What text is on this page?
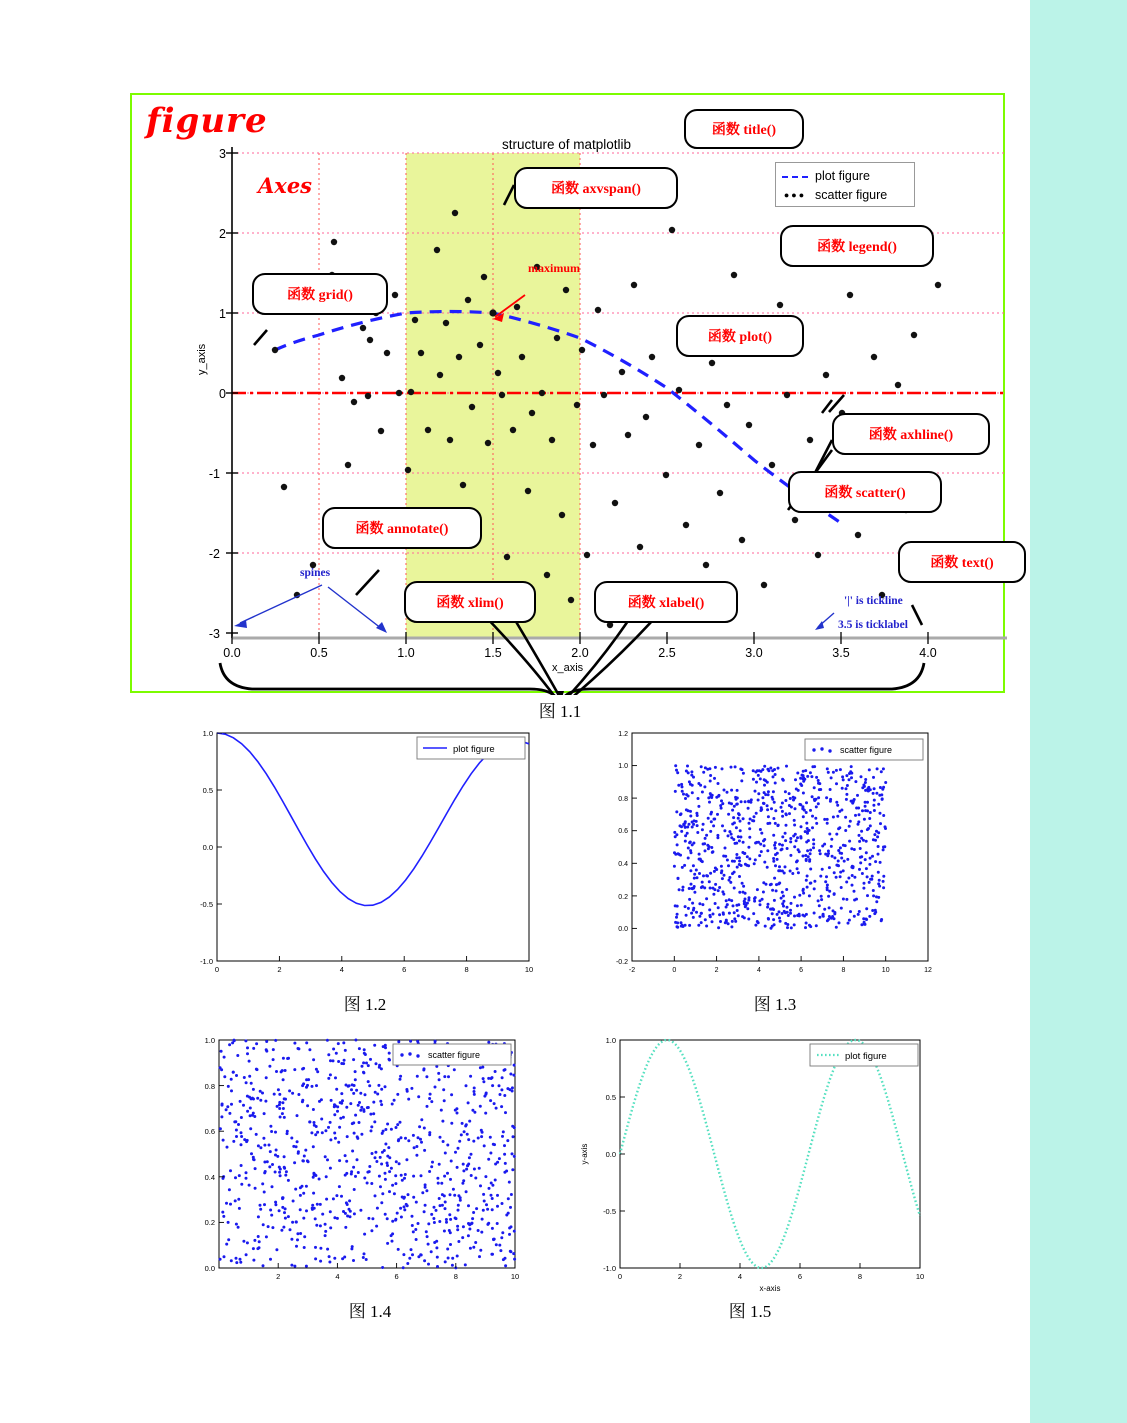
figure
Axes
structure of matplotlib
y_axis
x_axis
3
2
1
0
-1
-2
-3
0.0	0.5	1.0	1.5	2.0	2.5	3.0	3.5	4.0
plot figure
●●● scatter figure
maximum
spines
'|' is tickline
3.5 is ticklabel
函数 title()
函数 axvspan()
函数 legend()
函数 grid()
函数 plot()
函数 axhline()
函数 scatter()
函数 annotate()
函数 xlim()	函数 xlabel()
函数 text()
图 1.1
0	2	4	6	8	10
-1.0
-0.5
0.0
0.5
1.0
plot figure
图 1.2
-2	0	2	4	6	8	10	12
-0.2
0.0
0.2
0.4
0.6
0.8
1.0
1.2
scatter figure
图 1.3
2	4	6	8	10
0.0
0.2
0.4
0.6
0.8
1.0
scatter figure
图 1.4
0	2	4	6	8	10
-1.0
-0.5
0.0
0.5
1.0
x-axis
y-axis
plot figure
图 1.5
